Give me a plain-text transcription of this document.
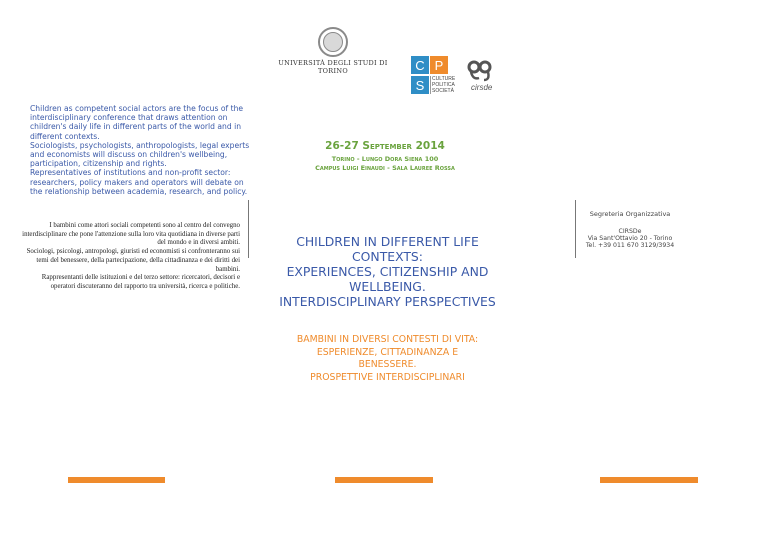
UNIVERSITÀ DEGLI STUDI DI TORINO	C P
S	CULTURE
POLITICA
SOCIETÀ cirsde

Children as competent social actors are the focus of the interdisciplinary conference that draws attention on children's daily life in different parts of the world and in different contexts.

Sociologists, psychologists, anthropologists, legal experts and economists will discuss on children's wellbeing, participation, citizenship and rights.

Representatives of institutions and non-profit sector: researchers, policy makers and operators will debate on the relationship between academia, research, and policy.

I bambini come attori sociali competenti sono al centro del convegno interdisciplinare che pone l'attenzione sulla loro vita quotidiana in diverse parti del mondo e in diversi ambiti.

Sociologi, psicologi, antropologi, giuristi ed economisti si confronteranno sui temi del benessere, della partecipazione, della cittadinanza e dei diritti dei bambini.

Rappresentanti delle istituzioni e del terzo settore: ricercatori, decisori e operatori discuteranno del rapporto tra università, ricerca e politiche.

26-27 September 2014
Torino - Lungo Dora Siena 100
Campus Luigi Einaudi - Sala Lauree Rossa
CHILDREN IN DIFFERENT LIFE
CONTEXTS:
EXPERIENCES, CITIZENSHIP AND
WELLBEING.
INTERDISCIPLINARY PERSPECTIVES
BAMBINI IN DIVERSI CONTESTI DI VITA:
ESPERIENZE, CITTADINANZA E
BENESSERE.
PROSPETTIVE INTERDISCIPLINARI
Segreteria Organizzativa
CIRSDe
Via Sant'Ottavio 20 - Torino
Tel. +39 011 670 3129/3934
